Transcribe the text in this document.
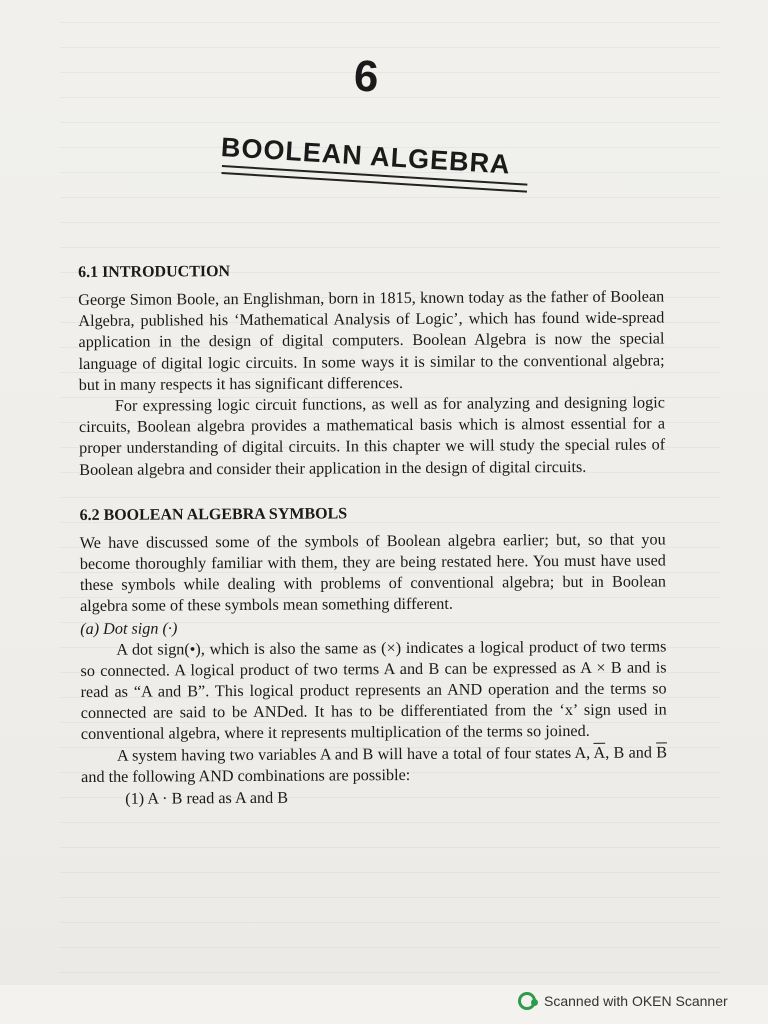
6
BOOLEAN ALGEBRA

6.1 INTRODUCTION

George Simon Boole, an Englishman, born in 1815, known today as the father of Boolean Algebra, published his ‘Mathematical Analysis of Logic’, which has found wide-spread application in the design of digital computers. Boolean Algebra is now the special language of digital logic circuits. In some ways it is similar to the conventional algebra; but in many respects it has significant differences.

For expressing logic circuit functions, as well as for analyzing and designing logic circuits, Boolean algebra provides a mathematical basis which is almost essential for a proper understanding of digital circuits. In this chapter we will study the special rules of Boolean algebra and consider their application in the design of digital circuits.

6.2 BOOLEAN ALGEBRA SYMBOLS

We have discussed some of the symbols of Boolean algebra earlier; but, so that you become thoroughly familiar with them, they are being restated here. You must have used these symbols while dealing with problems of conventional algebra; but in Boolean algebra some of these symbols mean something different.

(a) Dot sign (·)

A dot sign(•), which is also the same as (×) indicates a logical product of two terms so connected. A logical product of two terms A and B can be expressed as A × B and is read as “A and B”. This logical product represents an AND operation and the terms so connected are said to be ANDed. It has to be differentiated from the ‘x’ sign used in conventional algebra, where it represents multiplication of the terms so joined.

A system having two variables A and B will have a total of four states A, $\overline{A}$, B and $\overline{B}$ and the following AND combinations are possible:

(1) A · B read as A and B

Scanned with OKEN Scanner
